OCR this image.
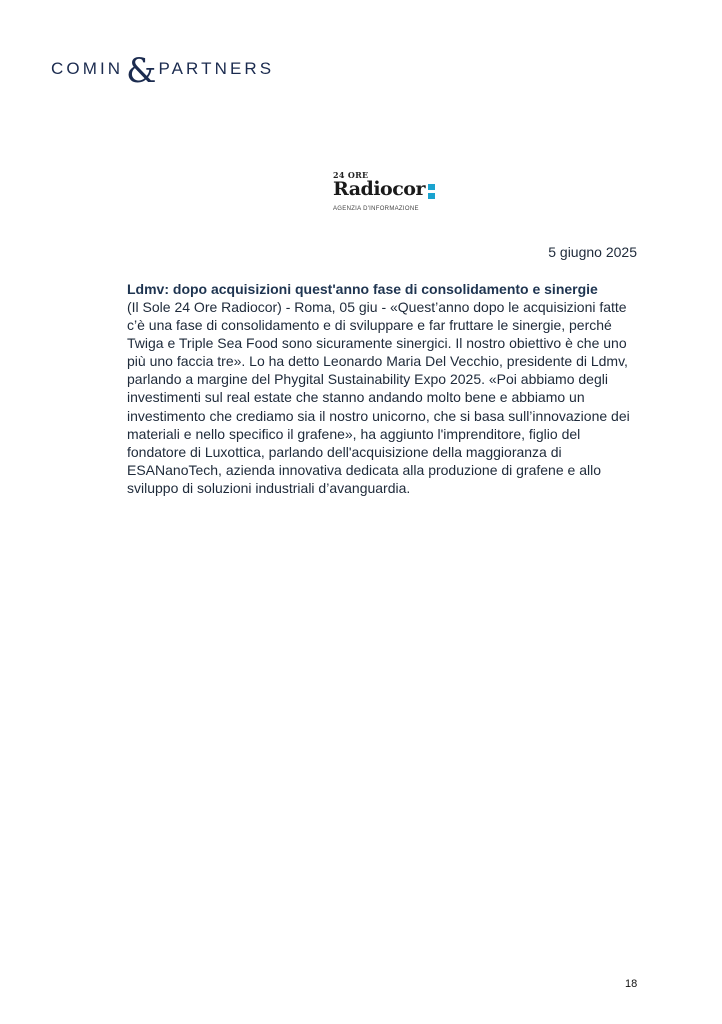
COMIN & PARTNERS
24 ORE
Radiocor
AGENZIA D'INFORMAZIONE
5 giugno 2025

Ldmv: dopo acquisizioni quest'anno fase di consolidamento e sinergie

(Il Sole 24 Ore Radiocor) - Roma, 05 giu - «Quest’anno dopo le acquisizioni fatte c’è una fase di consolidamento e di sviluppare e far fruttare le sinergie, perché Twiga e Triple Sea Food sono sicuramente sinergici. Il nostro obiettivo è che uno più uno faccia tre». Lo ha detto Leonardo Maria Del Vecchio, presidente di Ldmv, parlando a margine del Phygital Sustainability Expo 2025. «Poi abbiamo degli investimenti sul real estate che stanno andando molto bene e abbiamo un investimento che crediamo sia il nostro unicorno, che si basa sull’innovazione dei materiali e nello specifico il grafene», ha aggiunto l'imprenditore, figlio del fondatore di Luxottica, parlando dell'acquisizione della maggioranza di ESANanoTech, azienda innovativa dedicata alla produzione di grafene e allo sviluppo di soluzioni industriali d’avanguardia.

18
